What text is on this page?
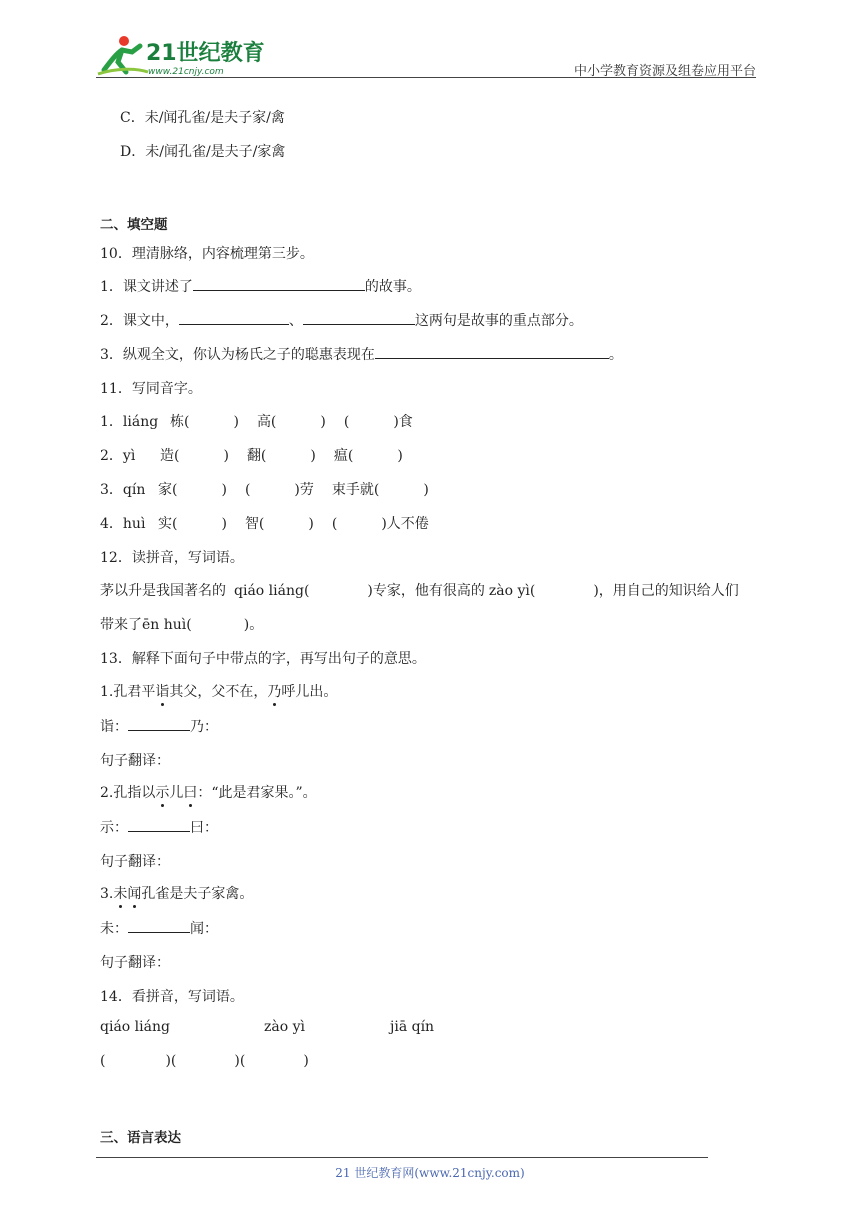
21世纪教育
www.21cnjy.com	中小学教育资源及组卷应用平台
C．未/闻孔雀/是夫子家/禽
D．未/闻孔雀/是夫子/家禽
二、填空题
10．理清脉络，内容梳理第三步。
1．课文讲述了	的故事。
2．课文中，	、	这两句是故事的重点部分。
3．纵观全文，你认为杨氏之子的聪惠表现在	。
11．写同音字。
1．liáng 栋(	) 高(	) (	)食
2．yì 造(	) 翻(	) 瘟(	)
3．qín 家(	) (	)劳 束手就(	)
4．huì 实(	) 智(	) (	)人不倦
12．读拼音，写词语。
茅以升是我国著名的 qiáo liáng(	)专家，他有很高的 zào yì(	)，用自己的知识给人们
带来了ēn huì(	)。
13．解释下面句子中带点的字，再写出句子的意思。
1.孔君平诣其父，父不在，乃呼儿出。
诣：	乃：
句子翻译：
2.孔指以示儿曰：“此是君家果。”。
示：	曰：
句子翻译：
3.未闻孔雀是夫子家禽。
未：	闻：
句子翻译：
14．看拼音，写词语。
qiáo liáng	zào yì	jiā qín
(	)(	)(	)
三、语言表达
21 世纪教育网(www.21cnjy.com)
